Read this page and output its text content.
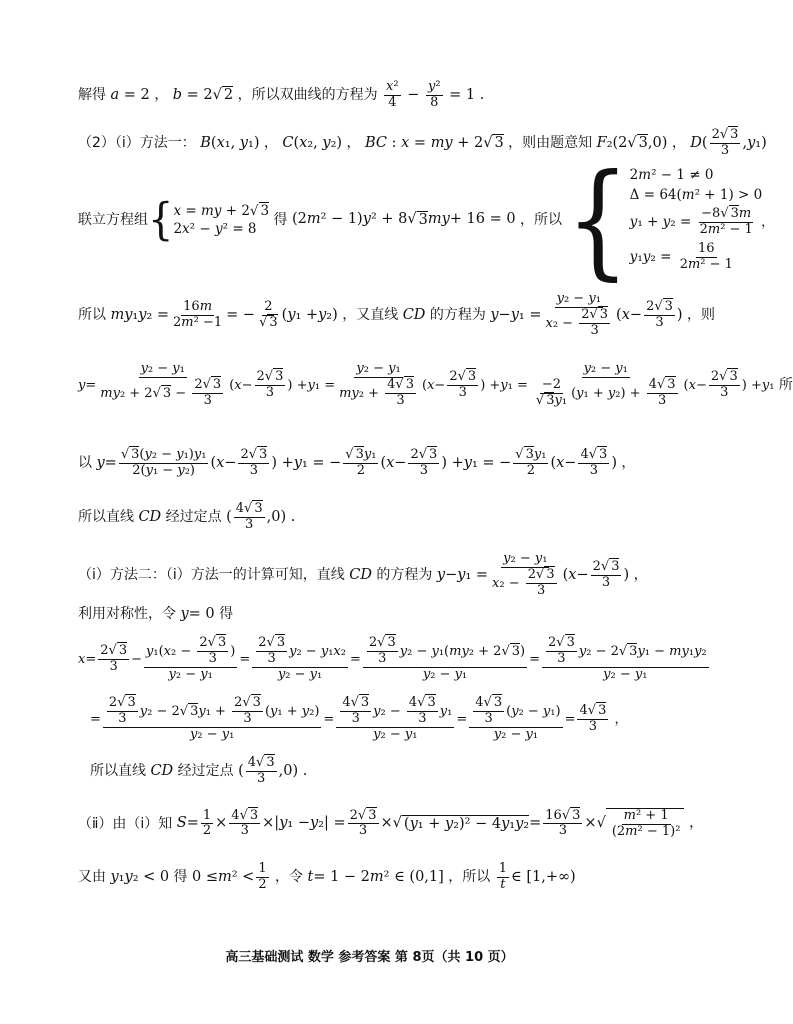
解得 a = 2 ， b = 2 √ 2 ，所以双曲线的方程为 $\frac{\text{x²}}{4} - \frac{\text{y²}}{8} = 1$ .
（2）（ⅰ）方法一： B ( x ₁, y ₁) ， C ( x ₂, y ₂) ， BC : x = my + 2 √ 3 ，则由题意知 F ₂(2 √ 3 ,0) ， D ( $\frac{2 √ 3}{3}$ , y ₁)
联立方程组 { x = my + 2 √ 3
2x² − y² = 8
得 (2 m ² − 1) y ² + 8 √ 3 my + 16 = 0 ，所以 { 2m² − 1 ≠ 0
Δ = 64(m² + 1) > 0
$y_1 + y_2 = \frac{-8 √ 3m}{\text{2m² − 1}}$ ，
$y_1y_2 = \frac{16}{\text{2m² − 1}}$
所以 my ₁ y $_2 = \frac{16m}{\text{2m² −1}}$ = − 2
√ 3 ( y ₁ + y ₂) ，又直线 CD 的方程为 y − y $_1 = \frac{\text{y₂ − y₁}}{x_2 - \frac{2 √ 3}{3}}$ ( $x - \frac{2 √ 3}{3}$ ) ，则
$y = \frac{\text{y₂ − y₁}}{my_2 + 2 √ 3 - \frac{2 √ 3}{3}}$ ( $x - \frac{2 √ 3}{3}$ ) + y $_1 = \frac{\text{y₂ − y₁}}{my_2 + \frac{4 √ 3}{3}}$ ( $x - \frac{2 √ 3}{3}$ ) + y ₁ = y₂ − y₁
−2
√ 3y₁ $(y_1 + y_2) + \frac{4 √ 3}{3}$ ( $x - \frac{2 √ 3}{3}$ ) + y ₁ 所
以 y = √ $\frac{\text{3(y₂ − y₁)y₁}}{\text{2(y₁ − y₂)}}$ ( $x - \frac{2 √ 3}{3}$ ) + y ₁ = − √ $\frac{\text{3y₁}}{2}$ ( $x - \frac{2 √ 3}{3}$ ) + y ₁ = − √ $\frac{\text{3y₁}}{2}$ ( $x - \frac{4 √ 3}{3}$ ) ，
所以直线 CD 经过定点 ( $\frac{4 √ 3}{3} ,0$) .
（ⅰ）方法二：（ⅰ）方法一的计算可知，直线 CD 的方程为 y − y $_1 = \frac{\text{y₂ − y₁}}{x_2 - \frac{2 √ 3}{3}}$ ( $x - \frac{2 √ 3}{3}$ ) ，
利用对称性，令 y = 0 得
$x = \frac{2 √ 3}{3} - \frac{y_1(x_2 - \frac{2 √ 3}{3} )}{\text{y₂ − y₁}} = \frac{\frac{2 √ 3}{3} y_2 - y_1x_2}{\text{y₂ − y₁}} = \frac{\frac{2 √ 3}{3} y_2 - y_1(my_2 + 2 √ 3)}{\text{y₂ − y₁}} = \frac{\frac{2 √ 3}{3} y_2 - 2 √ 3y_1 - my_1y_2}{\text{y₂ − y₁}}$
= $\frac{\frac{2 √ 3}{3} y_2 - 2 √ 3y_1 + \frac{2 √ 3}{3} (y_1 + y_2)}{\text{y₂ − y₁}} = \frac{\frac{4 √ 3}{3} y_2 - \frac{4 √ 3}{3} y_1}{\text{y₂ − y₁}} = \frac{\frac{4 √ 3}{3} (y_2 - y_1)}{\text{y₂ − y₁}} = \frac{4 √ 3}{3}$ ，
所以直线 CD 经过定点 ( $\frac{4 √ 3}{3} ,0$) .
（ⅱ）由（ⅰ）知 $S = \frac{1}{2} \times \frac{4 √ 3}{3}$ ×| y ₁ − y $_2| = \frac{2 √ 3}{3}$ × √ $(y_1 + y_2)^2 - 4y_1y_2 = \frac{16 √ 3}{3}$ × √ $\frac{\text{m² + 1}}{\text{(2m² − 1)²}}$ ，
又由 y ₁ y ₂ < 0 得 0 ≤ m $^2 < \frac{1}{2}$ ，令 t = 1 − 2 m ² ∈ (0,1] ，所以 $\frac{1}{t}$ ∈ [1,+∞)
高三基础测试 数学 参考答案 第 8页（共 10 页）
